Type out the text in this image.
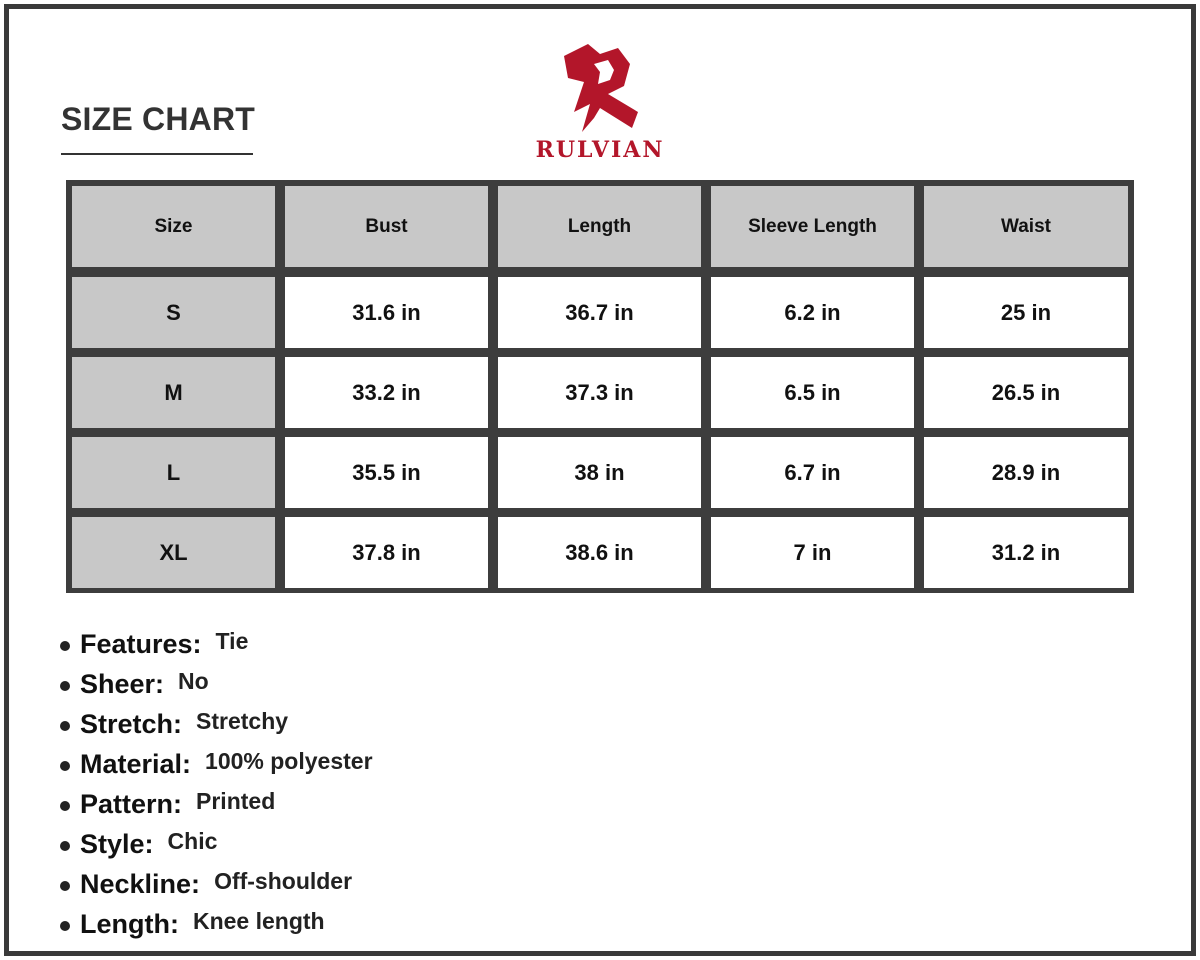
SIZE CHART
RULVIAN
Size	Bust	Length	Sleeve Length	Waist
S	31.6 in	36.7 in	6.2 in	25 in
M	33.2 in	37.3 in	6.5 in	26.5 in
L	35.5 in	38 in	6.7 in	28.9 in
XL	37.8 in	38.6 in	7 in	31.2 in
Features: Tie
Sheer: No
Stretch: Stretchy
Material: 100% polyester
Pattern: Printed
Style: Chic
Neckline: Off-shoulder
Length: Knee length
